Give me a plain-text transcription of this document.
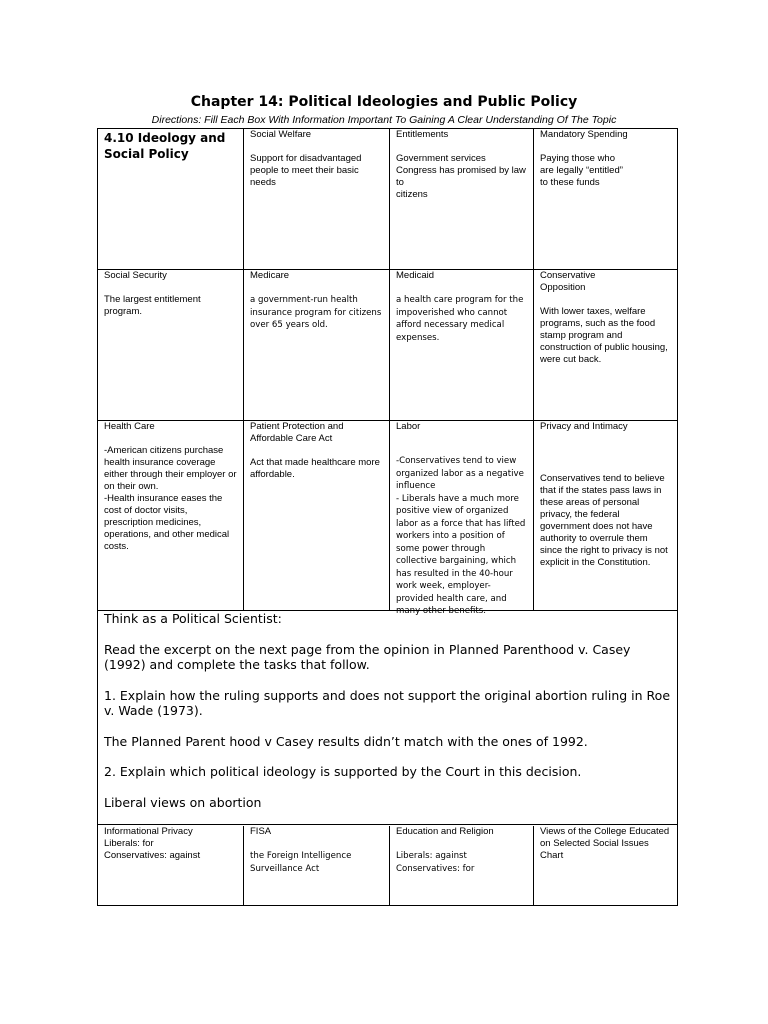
Chapter 14: Political Ideologies and Public Policy
Directions: Fill Each Box With Information Important To Gaining A Clear Understanding Of The Topic
4.10 Ideology and Social Policy
Social Welfare
Support for disadvantaged people to meet their basic needs
Entitlements
Government services Congress has promised by law to
citizens
Mandatory Spending
Paying those who
are legally “entitled”
to these funds
Social Security
The largest entitlement program.
Medicare
a government-run health insurance program for citizens over 65 years old.
Medicaid
a health care program for the impoverished who cannot afford necessary medical expenses.
Conservative
Opposition
With lower taxes, welfare programs, such as the food stamp program and construction of public housing, were cut back.
Health Care
-American citizens purchase health insurance coverage either through their employer or on their own.
-Health insurance eases the cost of doctor visits, prescription medicines, operations, and other medical costs.
Patient Protection and Affordable Care Act
Act that made healthcare more affordable.
Labor
-Conservatives tend to view organized labor as a negative influence
- Liberals have a much more positive view of organized labor as a force that has lifted workers into a position of some power through collective bargaining, which has resulted in the 40-hour work week, employer-provided health care, and many other benefits.
Privacy and Intimacy
Conservatives tend to believe that if the states pass laws in these areas of personal privacy, the federal government does not have authority to overrule them since the right to privacy is not explicit in the Constitution.

Think as a Political Scientist:

Read the excerpt on the next page from the opinion in Planned Parenthood v. Casey (1992) and complete the tasks that follow.

1. Explain how the ruling supports and does not support the original abortion ruling in Roe v. Wade (1973).

The Planned Parent hood v Casey results didn’t match with the ones of 1992.

2. Explain which political ideology is supported by the Court in this decision.

Liberal views on abortion

Informational Privacy
Liberals: for
Conservatives: against
FISA
the Foreign Intelligence Surveillance Act
Education and Religion
Liberals: against
Conservatives: for
Views of the College Educated on Selected Social Issues Chart
